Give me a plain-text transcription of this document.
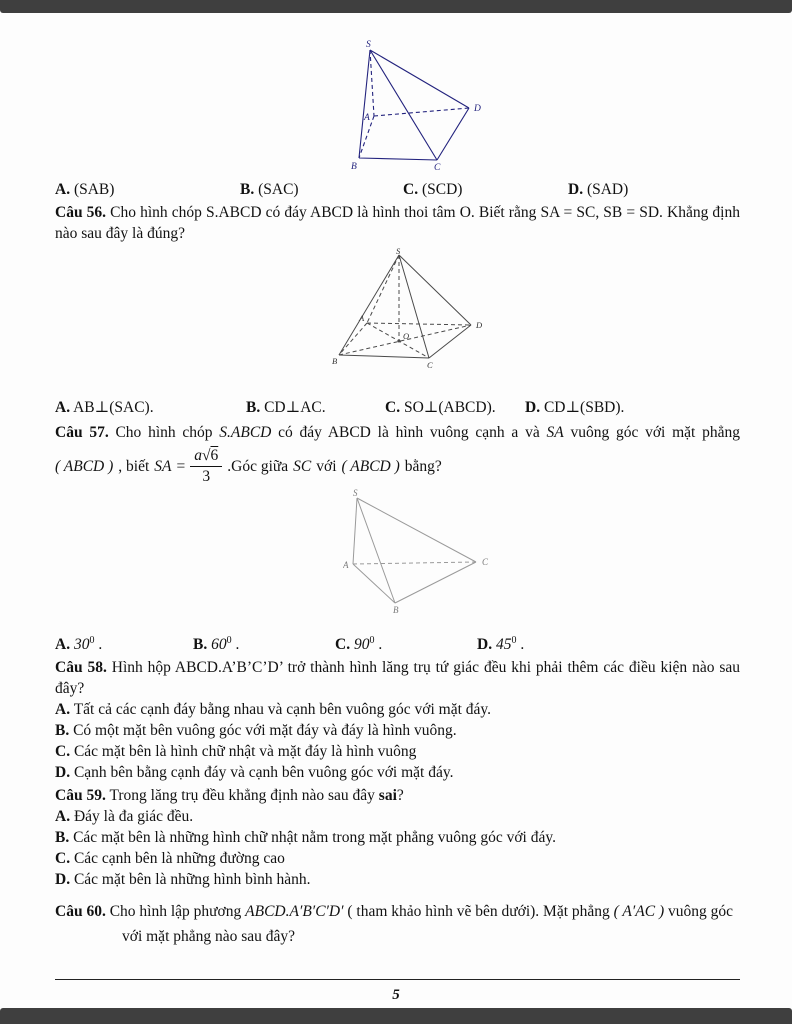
S
A
B	C
D
A. (SAB)	B. (SAC)	C. (SCD)	D. (SAD)
Câu 56. Cho hình chóp S.ABCD có đáy ABCD là hình thoi tâm O. Biết rằng SA = SC, SB = SD. Khẳng định nào sau đây là đúng?
S
A
B	C
D
O
A. AB⊥(SAC).	B. CD⊥AC.	C. SO⊥(ABCD).	D. CD⊥(SBD).
Câu 57. Cho hình chóp S.ABCD có đáy ABCD là hình vuông cạnh a và SA vuông góc với mặt phẳng
( ABCD ) , biết SA = $\frac{a√6}{3}$ .Góc giữa SC với ( ABCD ) bằng?
S
A	C
B
A. $30^0$ .	B. $60^0$ .	C. $90^0$ .	D. $45^0$ .
Câu 58. Hình hộp ABCD.A’B’C’D’ trở thành hình lăng trụ tứ giác đều khi phải thêm các điều kiện nào sau đây?
A. Tất cả các cạnh đáy bằng nhau và cạnh bên vuông góc với mặt đáy.
B. Có một mặt bên vuông góc với mặt đáy và đáy là hình vuông.
C. Các mặt bên là hình chữ nhật và mặt đáy là hình vuông
D. Cạnh bên bằng cạnh đáy và cạnh bên vuông góc với mặt đáy.
Câu 59. Trong lăng trụ đều khẳng định nào sau đây sai?
A. Đáy là đa giác đều.
B. Các mặt bên là những hình chữ nhật nằm trong mặt phẳng vuông góc với đáy.
C. Các cạnh bên là những đường cao
D. Các mặt bên là những hình bình hành.
Câu 60. Cho hình lập phương ABCD.A′B′C′D′ ( tham khảo hình vẽ bên dưới). Mặt phẳng ( A′AC ) vuông góc
với mặt phẳng nào sau đây?
5
